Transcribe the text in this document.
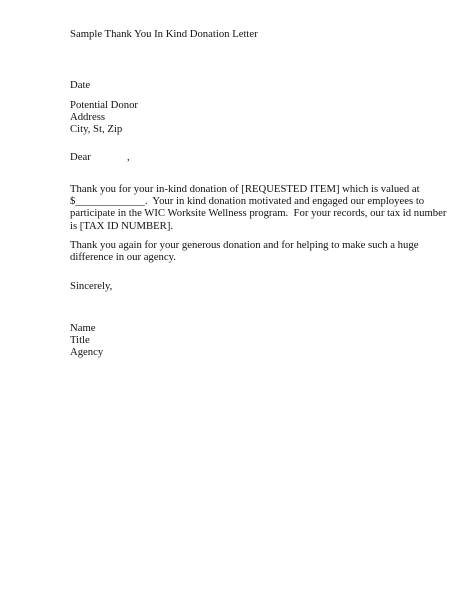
Sample Thank You In Kind Donation Letter
Date
Potential Donor
Address
City, St, Zip
Dear	,
Thank you for your in-kind donation of [REQUESTED ITEM] which is valued at
$_____________.  Your in kind donation motivated and engaged our employees to
participate in the WIC Worksite Wellness program.  For your records, our tax id number
is [TAX ID NUMBER].
Thank you again for your generous donation and for helping to make such a huge
difference in our agency.
Sincerely,
Name
Title
Agency
